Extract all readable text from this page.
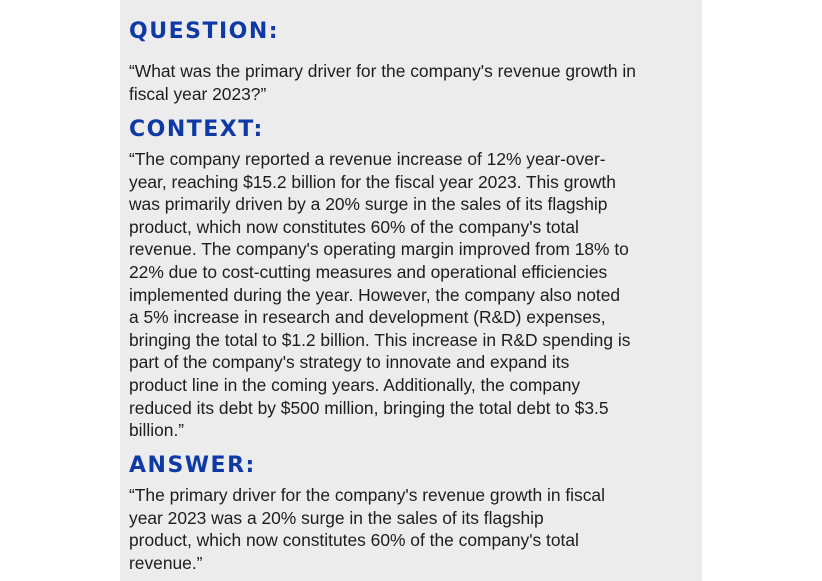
QUESTION:

“What was the primary driver for the company's revenue growth in
fiscal year 2023?”

CONTEXT:

“The company reported a revenue increase of 12% year-over-
year, reaching $15.2 billion for the fiscal year 2023. This growth
was primarily driven by a 20% surge in the sales of its flagship
product, which now constitutes 60% of the company's total
revenue. The company's operating margin improved from 18% to
22% due to cost-cutting measures and operational efficiencies
implemented during the year. However, the company also noted
a 5% increase in research and development (R&D) expenses,
bringing the total to $1.2 billion. This increase in R&D spending is
part of the company's strategy to innovate and expand its
product line in the coming years. Additionally, the company
reduced its debt by $500 million, bringing the total debt to $3.5
billion.”

ANSWER:

“The primary driver for the company's revenue growth in fiscal
year 2023 was a 20% surge in the sales of its flagship
product, which now constitutes 60% of the company's total
revenue.”
